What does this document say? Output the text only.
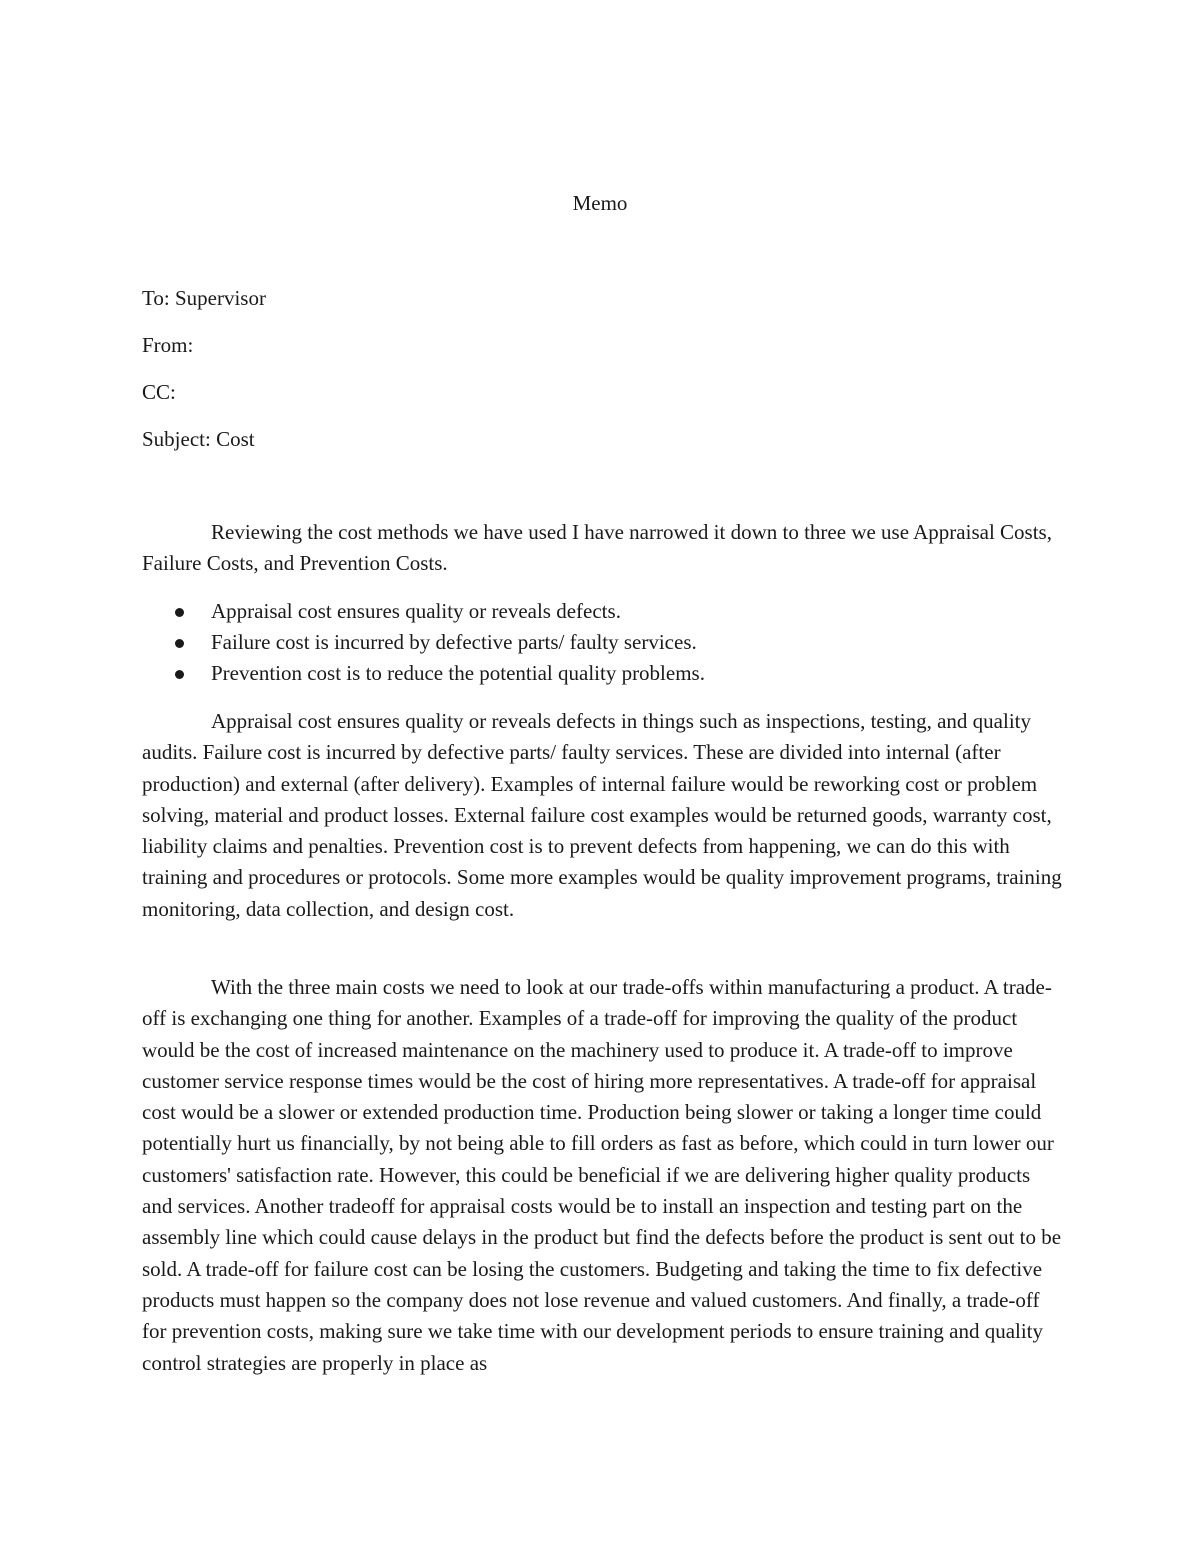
Memo
To: Supervisor
From:
CC:
Subject: Cost

Reviewing the cost methods we have used I have narrowed it down to three we use Appraisal Costs, Failure Costs, and Prevention Costs.

Appraisal cost ensures quality or reveals defects.
Failure cost is incurred by defective parts/ faulty services.
Prevention cost is to reduce the potential quality problems.

Appraisal cost ensures quality or reveals defects in things such as inspections, testing, and quality audits. Failure cost is incurred by defective parts/ faulty services. These are divided into internal (after production) and external (after delivery). Examples of internal failure would be reworking cost or problem solving, material and product losses. External failure cost examples would be returned goods, warranty cost, liability claims and penalties. Prevention cost is to prevent defects from happening, we can do this with training and procedures or protocols. Some more examples would be quality improvement programs, training monitoring, data collection, and design cost.

With the three main costs we need to look at our trade-offs within manufacturing a product. A trade-off is exchanging one thing for another. Examples of a trade-off for improving the quality of the product would be the cost of increased maintenance on the machinery used to produce it. A trade-off to improve customer service response times would be the cost of hiring more representatives. A trade-off for appraisal cost would be a slower or extended production time. Production being slower or taking a longer time could potentially hurt us financially, by not being able to fill orders as fast as before, which could in turn lower our customers' satisfaction rate. However, this could be beneficial if we are delivering higher quality products and services. Another tradeoff for appraisal costs would be to install an inspection and testing part on the assembly line which could cause delays in the product but find the defects before the product is sent out to be sold. A trade-off for failure cost can be losing the customers. Budgeting and taking the time to fix defective products must happen so the company does not lose revenue and valued customers. And finally, a trade-off for prevention costs, making sure we take time with our development periods to ensure training and quality control strategies are properly in place as
